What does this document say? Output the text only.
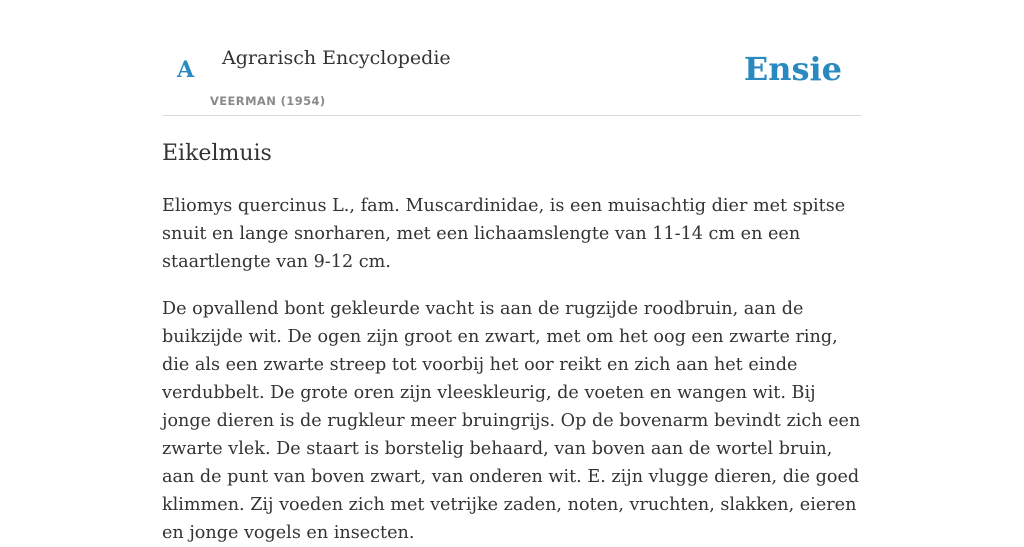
A Agrarisch Encyclopedie
VEERMAN (1954)
Ensie
Eikelmuis

Eliomys quercinus L., fam. Muscardinidae, is een muisachtig dier met spitse snuit en lange snorharen, met een lichaamslengte van 11-14 cm en een staartlengte van 9-12 cm.

De opvallend bont gekleurde vacht is aan de rugzijde roodbruin, aan de buikzijde wit. De ogen zijn groot en zwart, met om het oog een zwarte ring, die als een zwarte streep tot voorbij het oor reikt en zich aan het einde verdubbelt. De grote oren zijn vleeskleurig, de voeten en wangen wit. Bij jonge dieren is de rugkleur meer bruingrijs. Op de bovenarm bevindt zich een zwarte vlek. De staart is borstelig behaard, van boven aan de wortel bruin, aan de punt van boven zwart, van onderen wit. E. zijn vlugge dieren, die goed klimmen. Zij voeden zich met vetrijke zaden, noten, vruchten, slakken, eieren en jonge vogels en insecten.
